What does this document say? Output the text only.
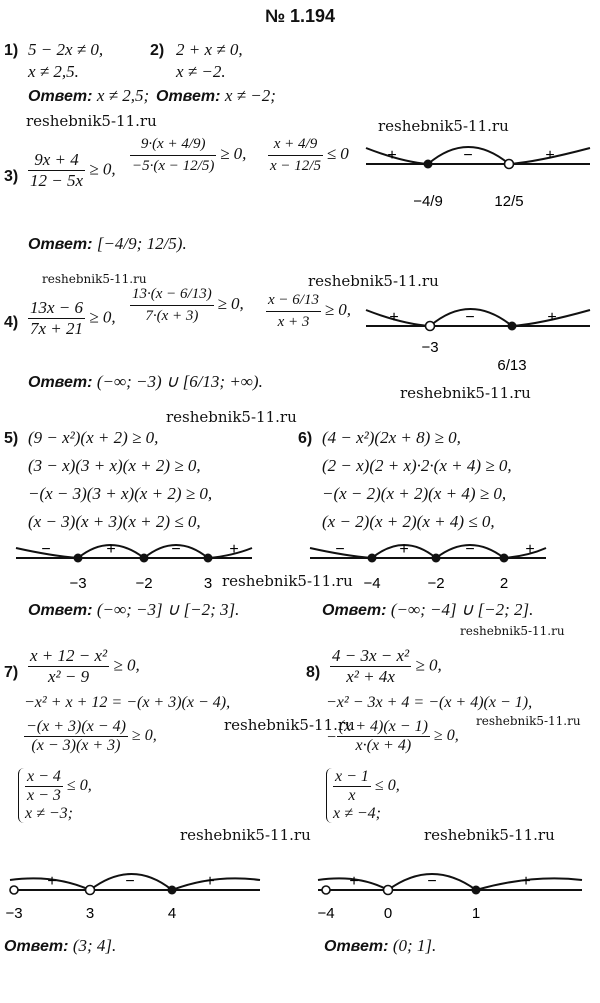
№ 1.194
1) 5 − 2x ≠ 0,
x ≠ 2,5.
Ответ: x ≠ 2,5;
2) 2 + x ≠ 0,
x ≠ −2.
Ответ: x ≠ −2;
reshebnik5-11.ru	reshebnik5-11.ru
$3) \frac{9x + 4}{12 - 5x} \ge 0$, $\frac{9\cdot(x + 4/9)}{-5\cdot(x - 12/5)} \ge 0$, $\frac{x + 4/9}{x - 12/5} \le 0$ +	−	+
−4/9	12/5
Ответ: [−4/9; 12/5).
reshebnik5-11.ru	reshebnik5-11.ru
$4) \frac{13x - 6}{7x + 21} \ge 0$, $\frac{13\cdot(x - 6/13)}{7\cdot(x + 3)} \ge 0$, $\frac{x - 6/13}{x + 3} \ge 0$, +	−	+
−3
6/13
Ответ: (−∞; −3) ∪ [6/13; +∞).
reshebnik5-11.ru
reshebnik5-11.ru
5) (9 − x²)(x + 2) ≥ 0,
(3 − x)(3 + x)(x + 2) ≥ 0,
−(x − 3)(3 + x)(x + 2) ≥ 0,
(x − 3)(x + 3)(x + 2) ≤ 0,
−	+	−	+
−3	−2	3
Ответ: (−∞; −3] ∪ [−2; 3].
6) (4 − x²)(2x + 8) ≥ 0,
(2 − x)(2 + x)·2·(x + 4) ≥ 0,
−(x − 2)(x + 2)(x + 4) ≥ 0,
(x − 2)(x + 2)(x + 4) ≤ 0,
−	+	−	+
−4	−2	2
Ответ: (−∞; −4] ∪ [−2; 2].
reshebnik5-11.ru
reshebnik5-11.ru
$7) \frac{\text{x + 12 − x²}}{\text{x² − 9}} \ge 0$,
−x² + x + 12 = −(x + 3)(x − 4),
$\frac{-(x + 3)(x - 4)}{(x - 3)(x + 3)} \ge 0$,
$\frac{x - 4}{x - 3} \le 0$,
x ≠ −3;
+	−	+
−3	3	4
Ответ: (3; 4].
$8) \frac{\text{4 − 3x − x²}}{\text{x² + 4x}} \ge 0$,
−x² − 3x + 4 = −(x + 4)(x − 1),
− $\frac{(x + 4)(x - 1)}{x\cdot(x + 4)} \ge 0$,
$\frac{x - 1}{x} \le 0$,
x ≠ −4;
+	−	+
−4	0	1
Ответ: (0; 1].
reshebnik5-11.ru
reshebnik5-11.ru	reshebnik5-11.ru
reshebnik5-11.ru
